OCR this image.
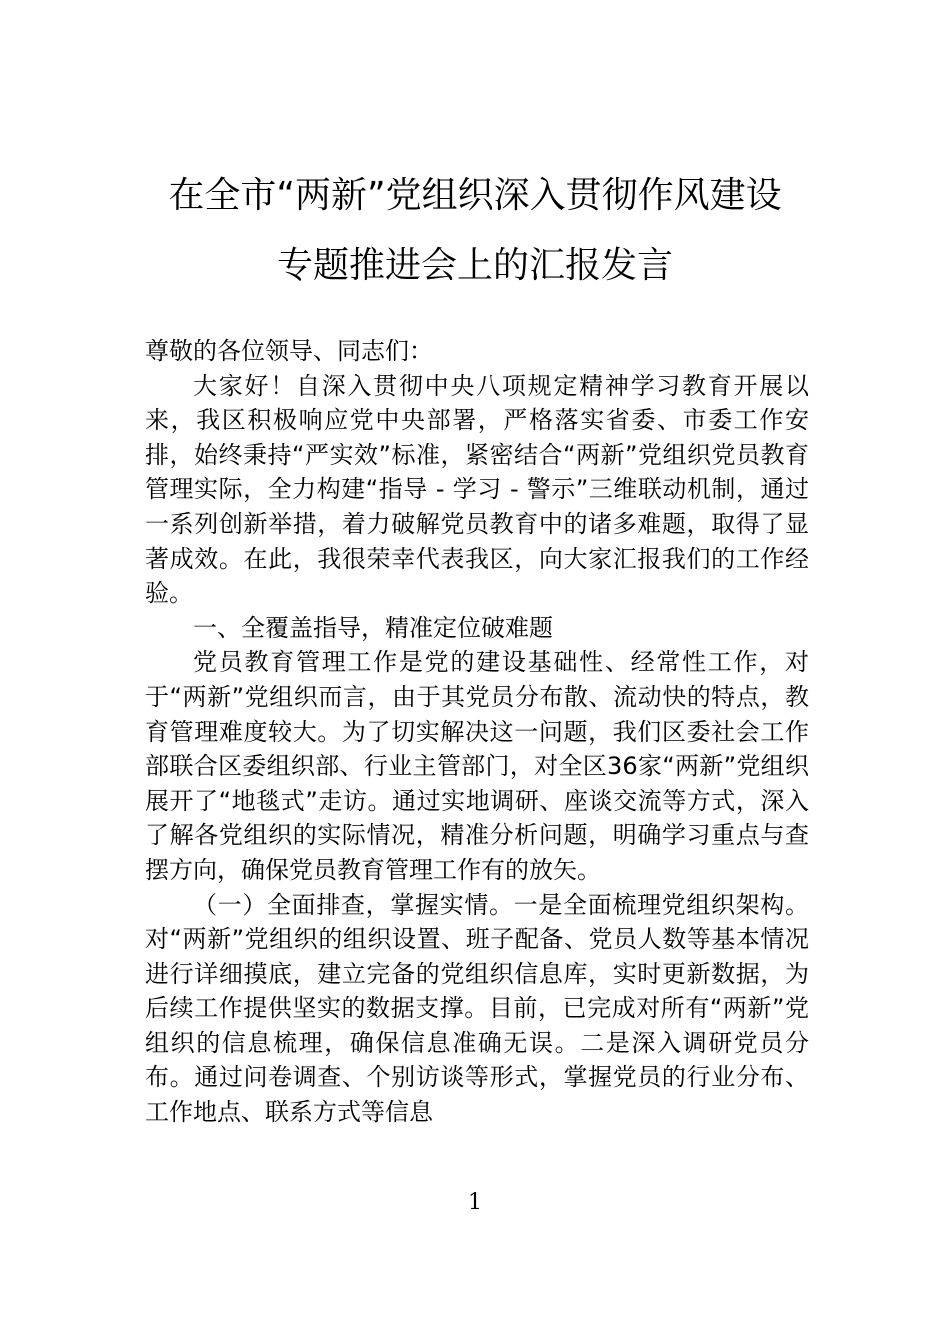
在全市“两新”党组织深入贯彻作风建设
专题推进会上的汇报发言

尊敬的各位领导、同志们：

大家好！自深入贯彻中央八项规定精神学习教育开展以来，我区积极响应党中央部署，严格落实省委、市委工作安排，始终秉持“严实效”标准，紧密结合“两新”党组织党员教育管理实际，全力构建“指导 - 学习 - 警示”三维联动机制，通过一系列创新举措，着力破解党员教育中的诸多难题，取得了显著成效。在此，我很荣幸代表我区，向大家汇报我们的工作经验。

一、全覆盖指导，精准定位破难题

党员教育管理工作是党的建设基础性、经常性工作，对于“两新”党组织而言，由于其党员分布散、流动快的特点，教育管理难度较大。为了切实解决这一问题，我们区委社会工作部联合区委组织部、行业主管部门，对全区36家“两新”党组织展开了“地毯式”走访。通过实地调研、座谈交流等方式，深入了解各党组织的实际情况，精准分析问题，明确学习重点与查摆方向，确保党员教育管理工作有的放矢。

（一）全面排查，掌握实情。一是全面梳理党组织架构。对“两新”党组织的组织设置、班子配备、党员人数等基本情况进行详细摸底，建立完备的党组织信息库，实时更新数据，为后续工作提供坚实的数据支撑。目前，已完成对所有“两新”党组织的信息梳理，确保信息准确无误。二是深入调研党员分布。通过问卷调查、个别访谈等形式，掌握党员的行业分布、工作地点、联系方式等信息

1
